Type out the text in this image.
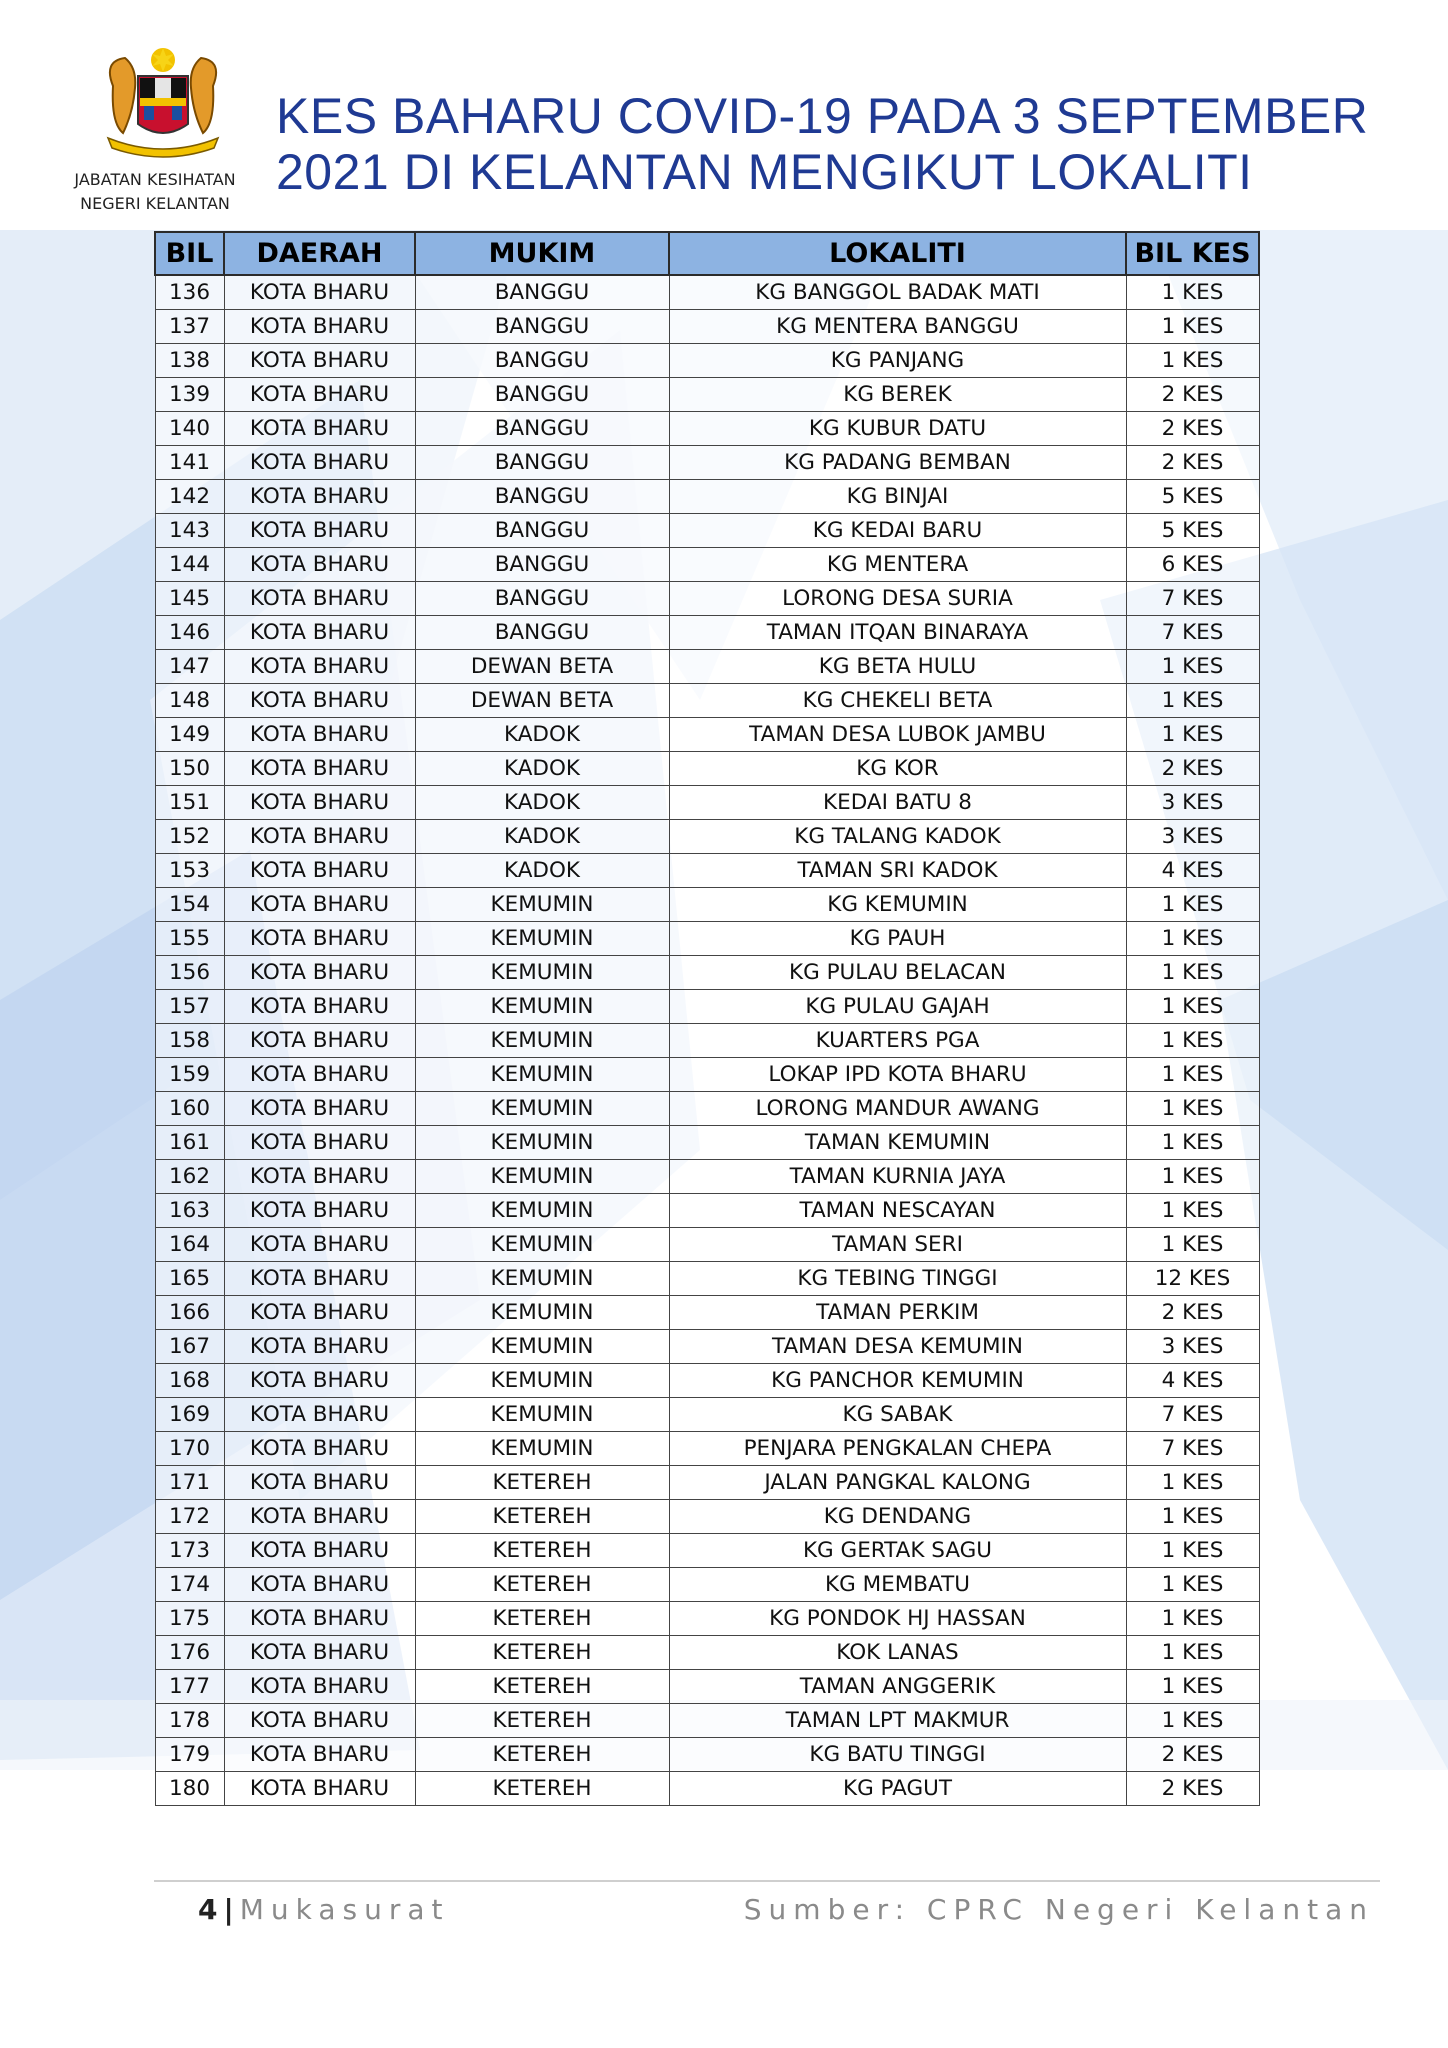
JABATAN KESIHATAN
NEGERI KELANTAN
KES BAHARU COVID-19 PADA 3 SEPTEMBER
2021 DI KELANTAN MENGIKUT LOKALITI
BIL	DAERAH	MUKIM	LOKALITI	BIL KES
136	KOTA BHARU	BANGGU	KG BANGGOL BADAK MATI	1 KES
137	KOTA BHARU	BANGGU	KG MENTERA BANGGU	1 KES
138	KOTA BHARU	BANGGU	KG PANJANG	1 KES
139	KOTA BHARU	BANGGU	KG BEREK	2 KES
140	KOTA BHARU	BANGGU	KG KUBUR DATU	2 KES
141	KOTA BHARU	BANGGU	KG PADANG BEMBAN	2 KES
142	KOTA BHARU	BANGGU	KG BINJAI	5 KES
143	KOTA BHARU	BANGGU	KG KEDAI BARU	5 KES
144	KOTA BHARU	BANGGU	KG MENTERA	6 KES
145	KOTA BHARU	BANGGU	LORONG DESA SURIA	7 KES
146	KOTA BHARU	BANGGU	TAMAN ITQAN BINARAYA	7 KES
147	KOTA BHARU	DEWAN BETA	KG BETA HULU	1 KES
148	KOTA BHARU	DEWAN BETA	KG CHEKELI BETA	1 KES
149	KOTA BHARU	KADOK	TAMAN DESA LUBOK JAMBU	1 KES
150	KOTA BHARU	KADOK	KG KOR	2 KES
151	KOTA BHARU	KADOK	KEDAI BATU 8	3 KES
152	KOTA BHARU	KADOK	KG TALANG KADOK	3 KES
153	KOTA BHARU	KADOK	TAMAN SRI KADOK	4 KES
154	KOTA BHARU	KEMUMIN	KG KEMUMIN	1 KES
155	KOTA BHARU	KEMUMIN	KG PAUH	1 KES
156	KOTA BHARU	KEMUMIN	KG PULAU BELACAN	1 KES
157	KOTA BHARU	KEMUMIN	KG PULAU GAJAH	1 KES
158	KOTA BHARU	KEMUMIN	KUARTERS PGA	1 KES
159	KOTA BHARU	KEMUMIN	LOKAP IPD KOTA BHARU	1 KES
160	KOTA BHARU	KEMUMIN	LORONG MANDUR AWANG	1 KES
161	KOTA BHARU	KEMUMIN	TAMAN KEMUMIN	1 KES
162	KOTA BHARU	KEMUMIN	TAMAN KURNIA JAYA	1 KES
163	KOTA BHARU	KEMUMIN	TAMAN NESCAYAN	1 KES
164	KOTA BHARU	KEMUMIN	TAMAN SERI	1 KES
165	KOTA BHARU	KEMUMIN	KG TEBING TINGGI	12 KES
166	KOTA BHARU	KEMUMIN	TAMAN PERKIM	2 KES
167	KOTA BHARU	KEMUMIN	TAMAN DESA KEMUMIN	3 KES
168	KOTA BHARU	KEMUMIN	KG PANCHOR KEMUMIN	4 KES
169	KOTA BHARU	KEMUMIN	KG SABAK	7 KES
170	KOTA BHARU	KEMUMIN	PENJARA PENGKALAN CHEPA	7 KES
171	KOTA BHARU	KETEREH	JALAN PANGKAL KALONG	1 KES
172	KOTA BHARU	KETEREH	KG DENDANG	1 KES
173	KOTA BHARU	KETEREH	KG GERTAK SAGU	1 KES
174	KOTA BHARU	KETEREH	KG MEMBATU	1 KES
175	KOTA BHARU	KETEREH	KG PONDOK HJ HASSAN	1 KES
176	KOTA BHARU	KETEREH	KOK LANAS	1 KES
177	KOTA BHARU	KETEREH	TAMAN ANGGERIK	1 KES
178	KOTA BHARU	KETEREH	TAMAN LPT MAKMUR	1 KES
179	KOTA BHARU	KETEREH	KG BATU TINGGI	2 KES
180	KOTA BHARU	KETEREH	KG PAGUT	2 KES
4 | Mukasurat	Sumber: CPRC Negeri Kelantan
